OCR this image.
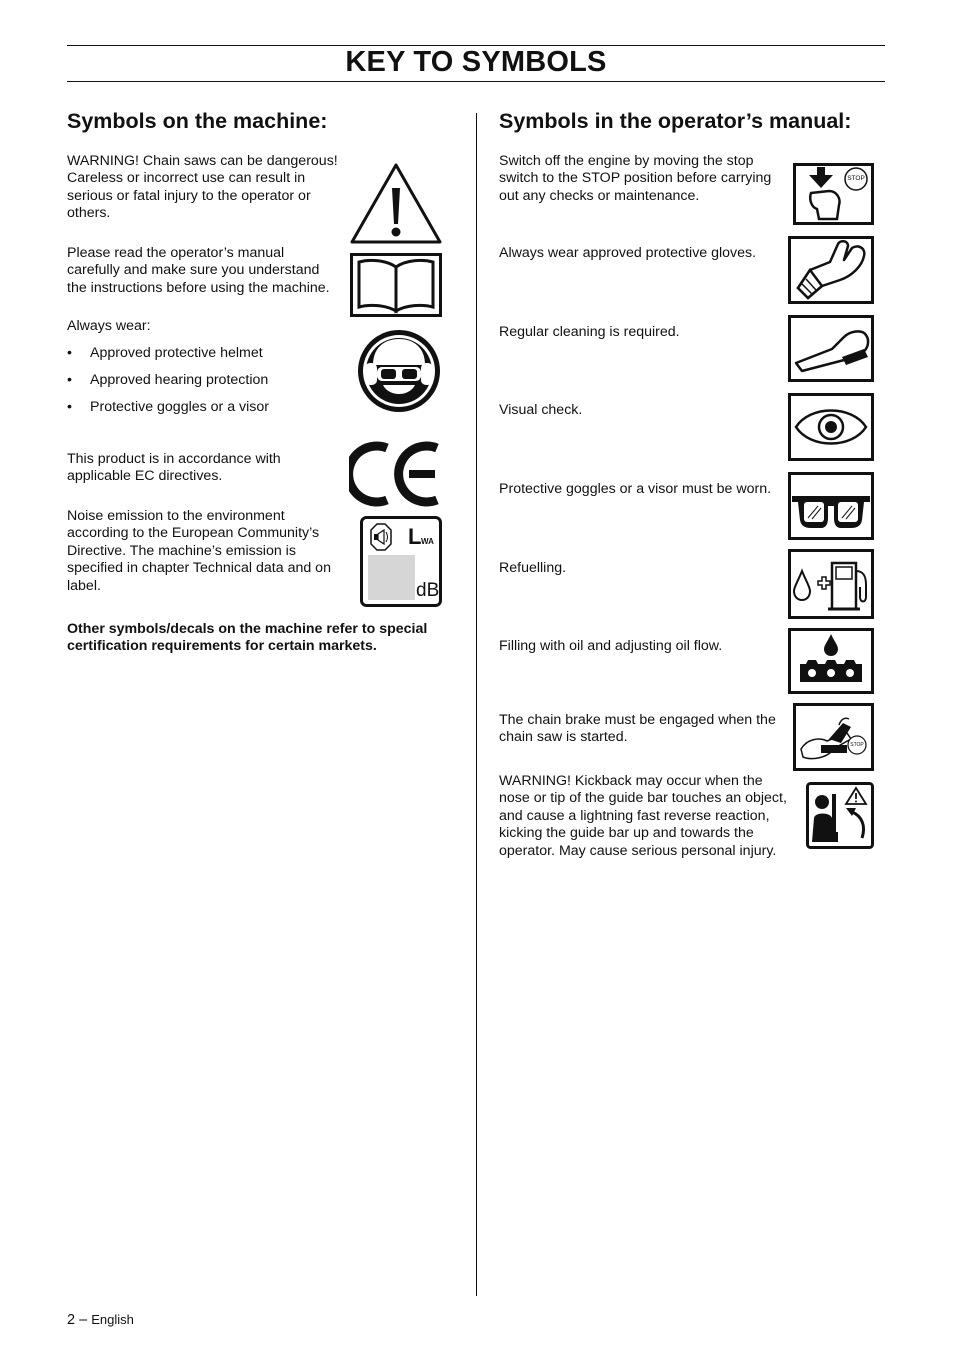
KEY TO SYMBOLS
Symbols on the machine:

WARNING! Chain saws can be dangerous! Careless or incorrect use can result in serious or fatal injury to the operator or others.

Please read the operator’s manual carefully and make sure you understand the instructions before using the machine.

Always wear:

• Approved protective helmet
• Approved hearing protection
• Protective goggles or a visor

This product is in accordance with applicable EC directives.

Noise emission to the environment according to the European Community’s Directive. The machine’s emission is specified in chapter Technical data and on label.

L WA
dB

Other symbols/decals on the machine refer to special certification requirements for certain markets.

Symbols in the operator’s manual:

Switch off the engine by moving the stop switch to the STOP position before carrying out any checks or maintenance.

STOP

Always wear approved protective gloves.

Regular cleaning is required.

Visual check.

Protective goggles or a visor must be worn.

Refuelling.

Filling with oil and adjusting oil flow.

The chain brake must be engaged when the chain saw is started.	STOP

WARNING! Kickback may occur when the nose or tip of the guide bar touches an object, and cause a lightning fast reverse reaction, kicking the guide bar up and towards the operator. May cause serious personal injury.

2 – English
